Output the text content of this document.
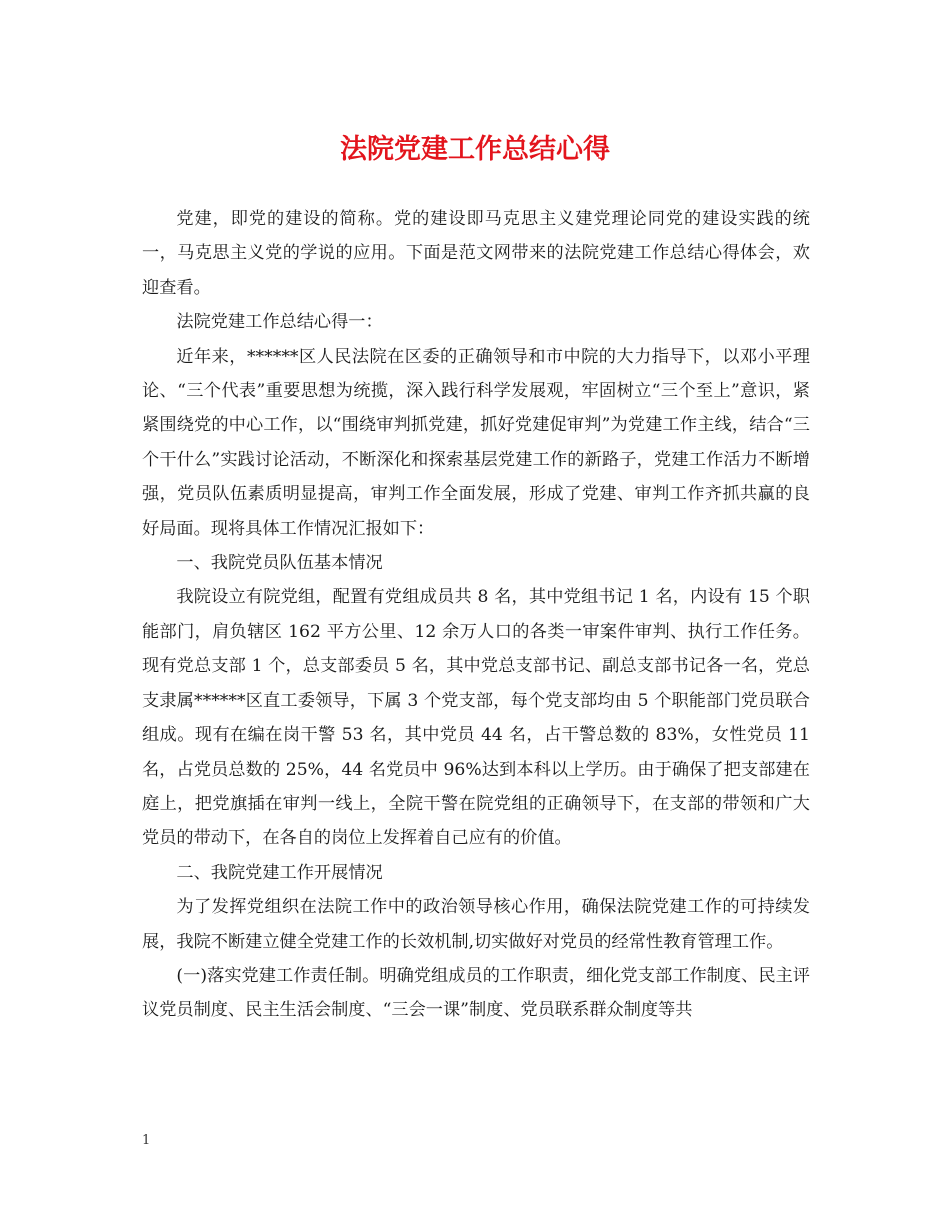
法院党建工作总结心得

党建，即党的建设的简称。党的建设即马克思主义建党理论同党的建设实践的统一，马克思主义党的学说的应用。下面是范文网带来的法院党建工作总结心得体会，欢迎查看。

法院党建工作总结心得一：

近年来，******区人民法院在区委的正确领导和市中院的大力指导下，以邓小平理论、“三个代表”重要思想为统揽，深入践行科学发展观，牢固树立“三个至上”意识，紧紧围绕党的中心工作，以“围绕审判抓党建，抓好党建促审判”为党建工作主线，结合“三个干什么”实践讨论活动，不断深化和探索基层党建工作的新路子，党建工作活力不断增强，党员队伍素质明显提高，审判工作全面发展，形成了党建、审判工作齐抓共赢的良好局面。现将具体工作情况汇报如下：

一、我院党员队伍基本情况

我院设立有院党组，配置有党组成员共 8 名，其中党组书记 1 名，内设有 15 个职能部门，肩负辖区 162 平方公里、12 余万人口的各类一审案件审判、执行工作任务。现有党总支部 1 个，总支部委员 5 名，其中党总支部书记、副总支部书记各一名，党总支隶属******区直工委领导，下属 3 个党支部，每个党支部均由 5 个职能部门党员联合组成。现有在编在岗干警 53 名，其中党员 44 名，占干警总数的 83%，女性党员 11 名，占党员总数的 25%，44 名党员中 96%达到本科以上学历。由于确保了把支部建在庭上，把党旗插在审判一线上，全院干警在院党组的正确领导下，在支部的带领和广大党员的带动下，在各自的岗位上发挥着自己应有的价值。

二、我院党建工作开展情况

为了发挥党组织在法院工作中的政治领导核心作用，确保法院党建工作的可持续发展，我院不断建立健全党建工作的长效机制,切实做好对党员的经常性教育管理工作。

(一)落实党建工作责任制。明确党组成员的工作职责，细化党支部工作制度、民主评议党员制度、民主生活会制度、“三会一课”制度、党员联系群众制度等共

1
